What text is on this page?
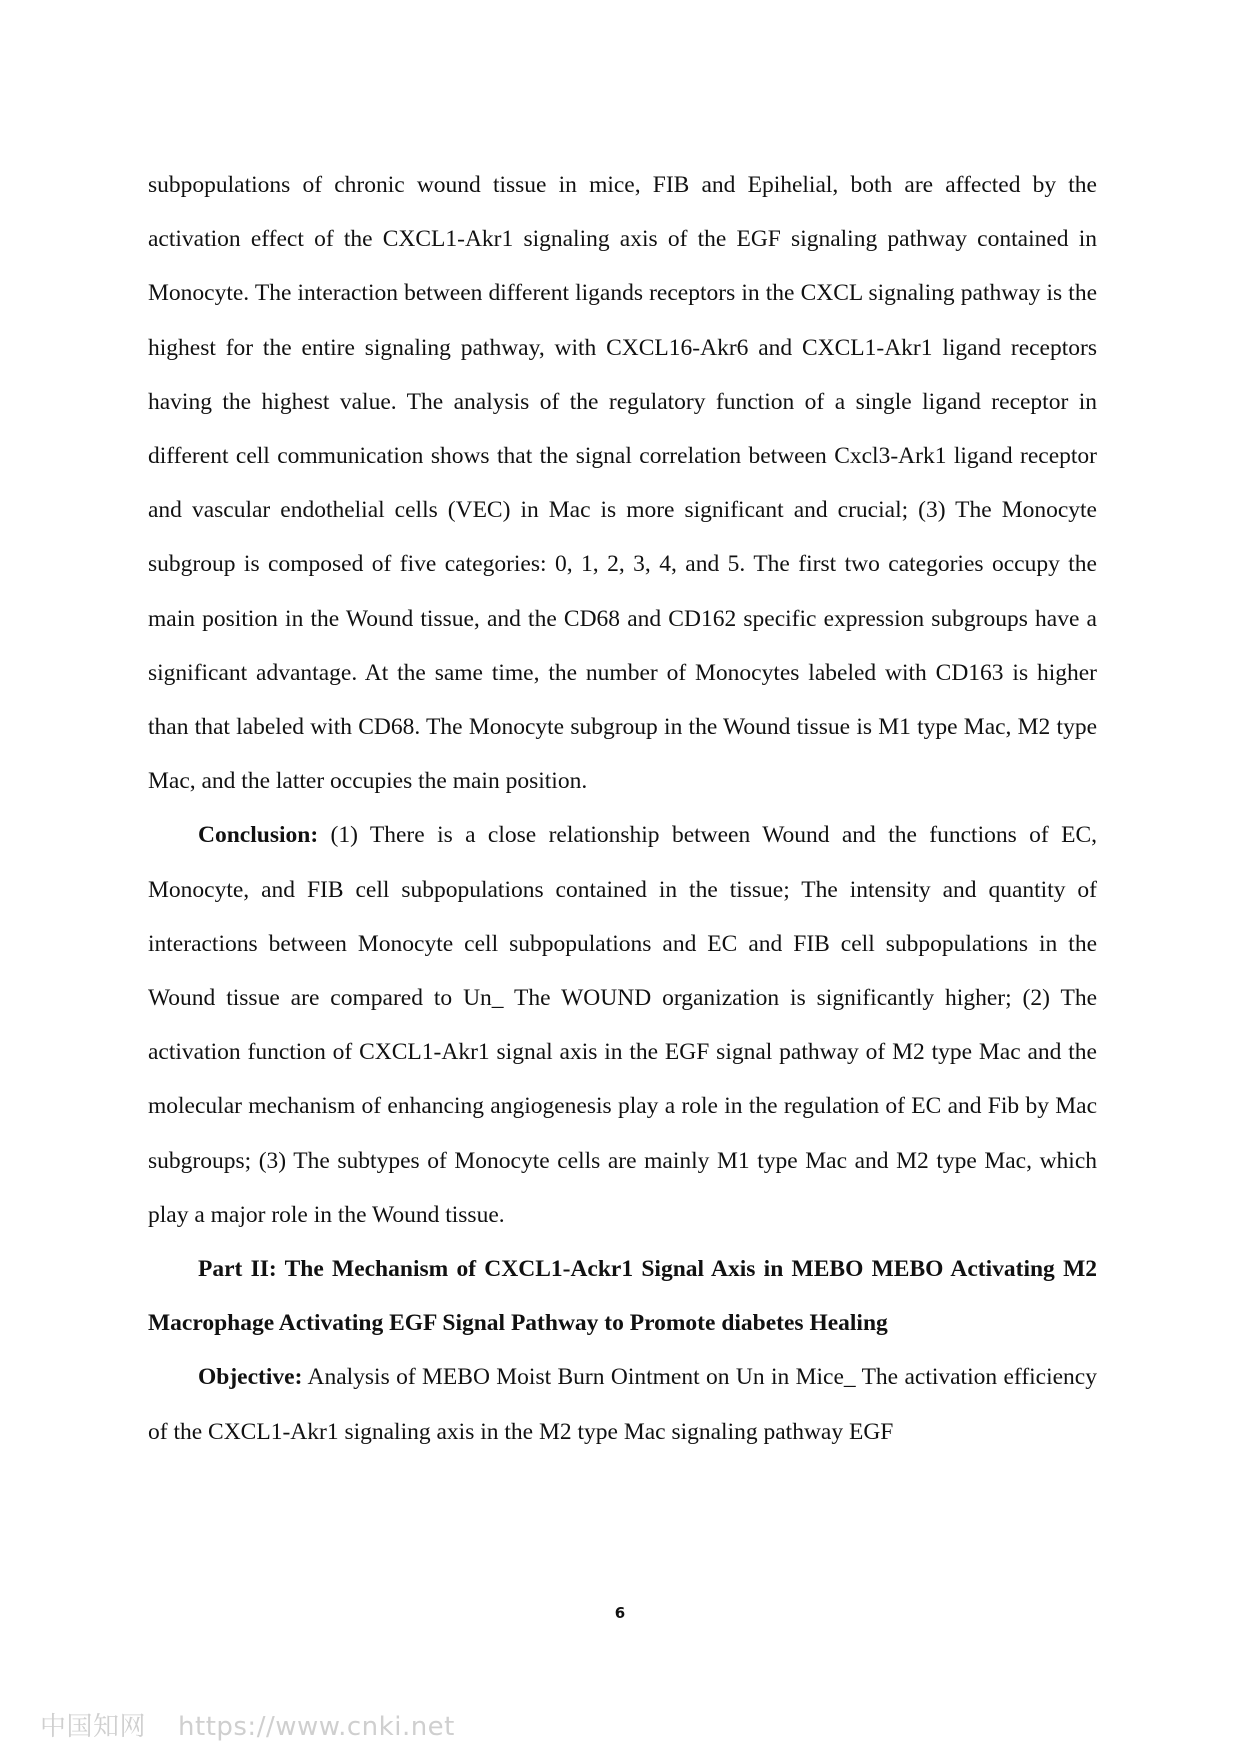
subpopulations of chronic wound tissue in mice, FIB and Epihelial, both are affected by the activation effect of the CXCL1-Akr1 signaling axis of the EGF signaling pathway contained in Monocyte. The interaction between different ligands receptors in the CXCL signaling pathway is the highest for the entire signaling pathway, with CXCL16-Akr6 and CXCL1-Akr1 ligand receptors having the highest value. The analysis of the regulatory function of a single ligand receptor in different cell communication shows that the signal correlation between Cxcl3-Ark1 ligand receptor and vascular endothelial cells (VEC) in Mac is more significant and crucial; (3) The Monocyte subgroup is composed of five categories: 0, 1, 2, 3, 4, and 5. The first two categories occupy the main position in the Wound tissue, and the CD68 and CD162 specific expression subgroups have a significant advantage. At the same time, the number of Monocytes labeled with CD163 is higher than that labeled with CD68. The Monocyte subgroup in the Wound tissue is M1 type Mac, M2 type Mac, and the latter occupies the main position.

Conclusion: (1) There is a close relationship between Wound and the functions of EC, Monocyte, and FIB cell subpopulations contained in the tissue; The intensity and quantity of interactions between Monocyte cell subpopulations and EC and FIB cell subpopulations in the Wound tissue are compared to Un_ The WOUND organization is significantly higher; (2) The activation function of CXCL1-Akr1 signal axis in the EGF signal pathway of M2 type Mac and the molecular mechanism of enhancing angiogenesis play a role in the regulation of EC and Fib by Mac subgroups; (3) The subtypes of Monocyte cells are mainly M1 type Mac and M2 type Mac, which play a major role in the Wound tissue.

Part II: The Mechanism of CXCL1-Ackr1 Signal Axis in MEBO MEBO Activating M2 Macrophage Activating EGF Signal Pathway to Promote diabetes Healing

Objective: Analysis of MEBO Moist Burn Ointment on Un in Mice_ The activation efficiency of the CXCL1-Akr1 signaling axis in the M2 type Mac signaling pathway EGF

6
中国知网 https://www.cnki.net
